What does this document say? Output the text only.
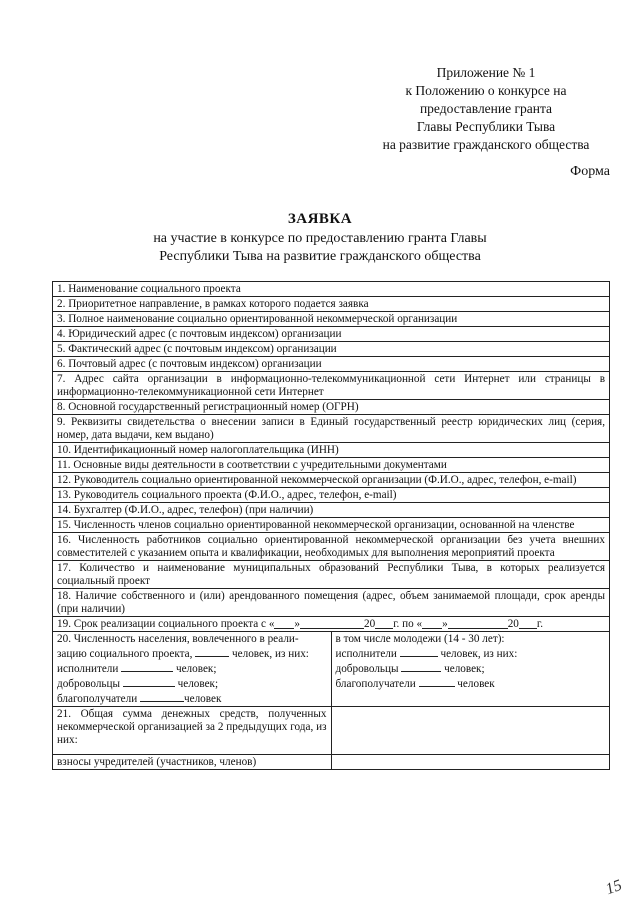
Приложение № 1
к Положению о конкурсе на
предоставление гранта
Главы Республики Тыва
на развитие гражданского общества
Форма
ЗАЯВКА
на участие в конкурсе по предоставлению гранта Главы
Республики Тыва на развитие гражданского общества
1. Наименование социального проекта
2. Приоритетное направление, в рамках которого подается заявка
3. Полное наименование социально ориентированной некоммерческой организации
4. Юридический адрес (с почтовым индексом) организации
5. Фактический адрес (с почтовым индексом) организации
6. Почтовый адрес (с почтовым индексом) организации
7. Адрес сайта организации в информационно-телекоммуникационной сети Интернет или страницы в информационно-телекоммуникационной сети Интернет
8. Основной государственный регистрационный номер (ОГРН)
9. Реквизиты свидетельства о внесении записи в Единый государственный реестр юридических лиц (серия, номер, дата выдачи, кем выдано)
10. Идентификационный номер налогоплательщика (ИНН)
11. Основные виды деятельности в соответствии с учредительными документами
12. Руководитель социально ориентированной некоммерческой организации (Ф.И.О., адрес, телефон, e-mail)
13. Руководитель социального проекта (Ф.И.О., адрес, телефон, e-mail)
14. Бухгалтер (Ф.И.О., адрес, телефон) (при наличии)
15. Численность членов социально ориентированной некоммерческой организации, основанной на членстве
16. Численность работников социально ориентированной некоммерческой организации без учета внешних совместителей с указанием опыта и квалификации, необходимых для выполнения мероприятий проекта
17. Количество и наименование муниципальных образований Республики Тыва, в которых реализуется социальный проект
18. Наличие собственного и (или) арендованного помещения (адрес, объем занимаемой площади, срок аренды (при наличии)

19. Срок реализации социального проекта с « »	20 г. по « »	20 г.

20. Численность населения, вовлеченного в реали-
зацию социального проекта,	человек, из них:
исполнители	человек;
добровольцы	человек;
благополучатели	человек
в том числе молодежи (14 - 30 лет):
исполнители	человек, из них:
добровольцы	человек;
благополучатели	человек

21. Общая сумма денежных средств, полученных некоммерческой организацией за 2 предыдущих года, из них:

взносы учредителей (участников, членов)
15
